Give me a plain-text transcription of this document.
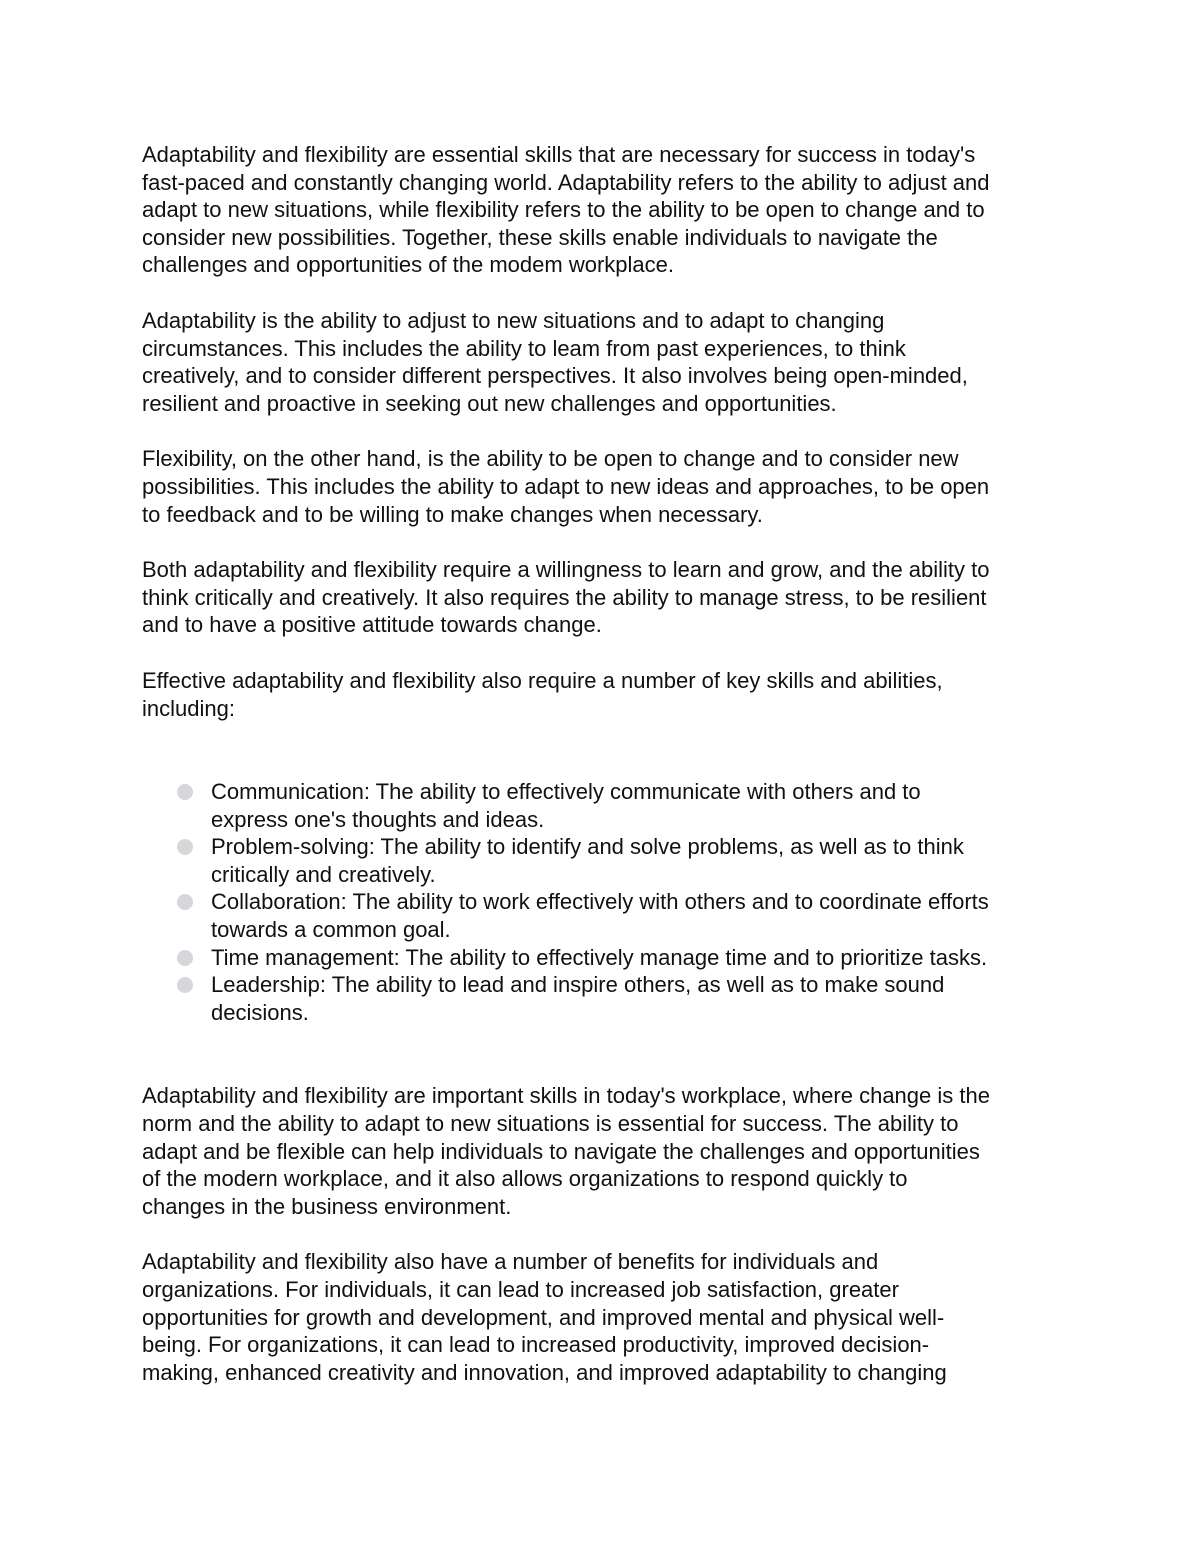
Adaptability and flexibility are essential skills that are necessary for success in today's
fast-paced and constantly changing world. Adaptability refers to the ability to adjust and
adapt to new situations, while flexibility refers to the ability to be open to change and to
consider new possibilities. Together, these skills enable individuals to navigate the
challenges and opportunities of the modem workplace.

Adaptability is the ability to adjust to new situations and to adapt to changing
circumstances. This includes the ability to leam from past experiences, to think
creatively, and to consider different perspectives. It also involves being open-minded,
resilient and proactive in seeking out new challenges and opportunities.

Flexibility, on the other hand, is the ability to be open to change and to consider new
possibilities. This includes the ability to adapt to new ideas and approaches, to be open
to feedback and to be willing to make changes when necessary.

Both adaptability and flexibility require a willingness to learn and grow, and the ability to
think critically and creatively. It also requires the ability to manage stress, to be resilient
and to have a positive attitude towards change.

Effective adaptability and flexibility also require a number of key skills and abilities,
including:

Communication: The ability to effectively communicate with others and to
express one's thoughts and ideas.
Problem-solving: The ability to identify and solve problems, as well as to think
critically and creatively.
Collaboration: The ability to work effectively with others and to coordinate efforts
towards a common goal.
Time management: The ability to effectively manage time and to prioritize tasks.
Leadership: The ability to lead and inspire others, as well as to make sound
decisions.

Adaptability and flexibility are important skills in today's workplace, where change is the
norm and the ability to adapt to new situations is essential for success. The ability to
adapt and be flexible can help individuals to navigate the challenges and opportunities
of the modern workplace, and it also allows organizations to respond quickly to
changes in the business environment.

Adaptability and flexibility also have a number of benefits for individuals and
organizations. For individuals, it can lead to increased job satisfaction, greater
opportunities for growth and development, and improved mental and physical well-
being. For organizations, it can lead to increased productivity, improved decision-
making, enhanced creativity and innovation, and improved adaptability to changing
